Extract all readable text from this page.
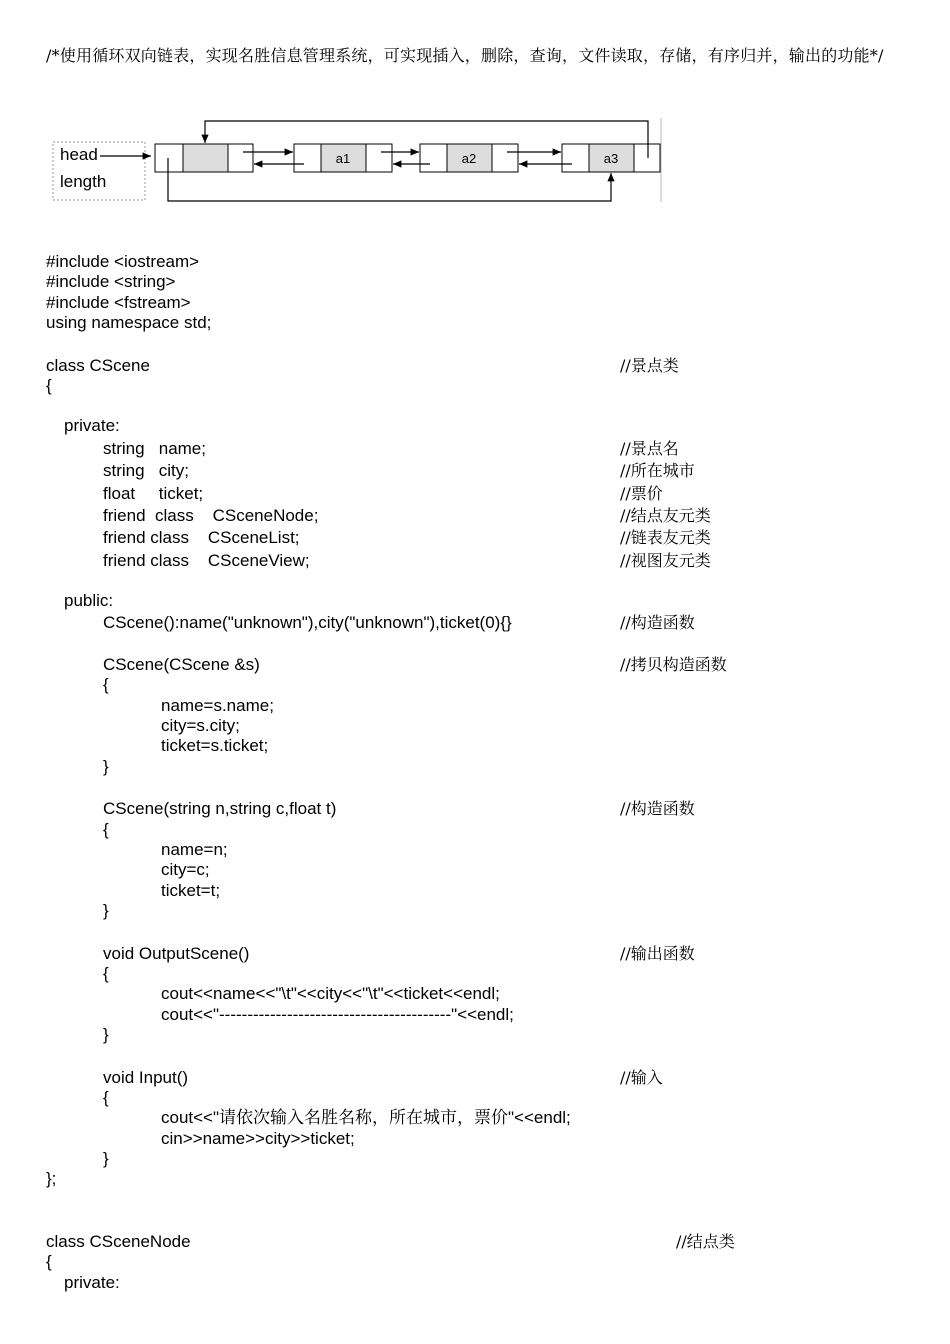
/*使用循环双向链表，实现名胜信息管理系统，可实现插入，删除，查询，文件读取，存储，有序归并，输出的功能*/
head
length
a1	a2	a3
#include <iostream>
#include <string>
#include <fstream>
using namespace std;
class CScene	//景点类
{
private:
string   name;	//景点名
string   city;	//所在城市
float     ticket;	//票价
friend  class    CSceneNode;	//结点友元类
friend class    CSceneList;	//链表友元类
friend class    CSceneView;	//视图友元类
public:
CScene():name("unknown"),city("unknown"),ticket(0){}	//构造函数
CScene(CScene &s)	//拷贝构造函数
{
name=s.name;
city=s.city;
ticket=s.ticket;
}
CScene(string n,string c,float t)	//构造函数
{
name=n;
city=c;
ticket=t;
}
void OutputScene()	//输出函数
{
cout<<name<<"\t"<<city<<"\t"<<ticket<<endl;
cout<<"-----------------------------------------"<<endl;
}
void Input()	//输入
{
cout<<"请依次输入名胜名称，所在城市，票价"<<endl;
cin>>name>>city>>ticket;
}
};
class CSceneNode	//结点类
{
private:
